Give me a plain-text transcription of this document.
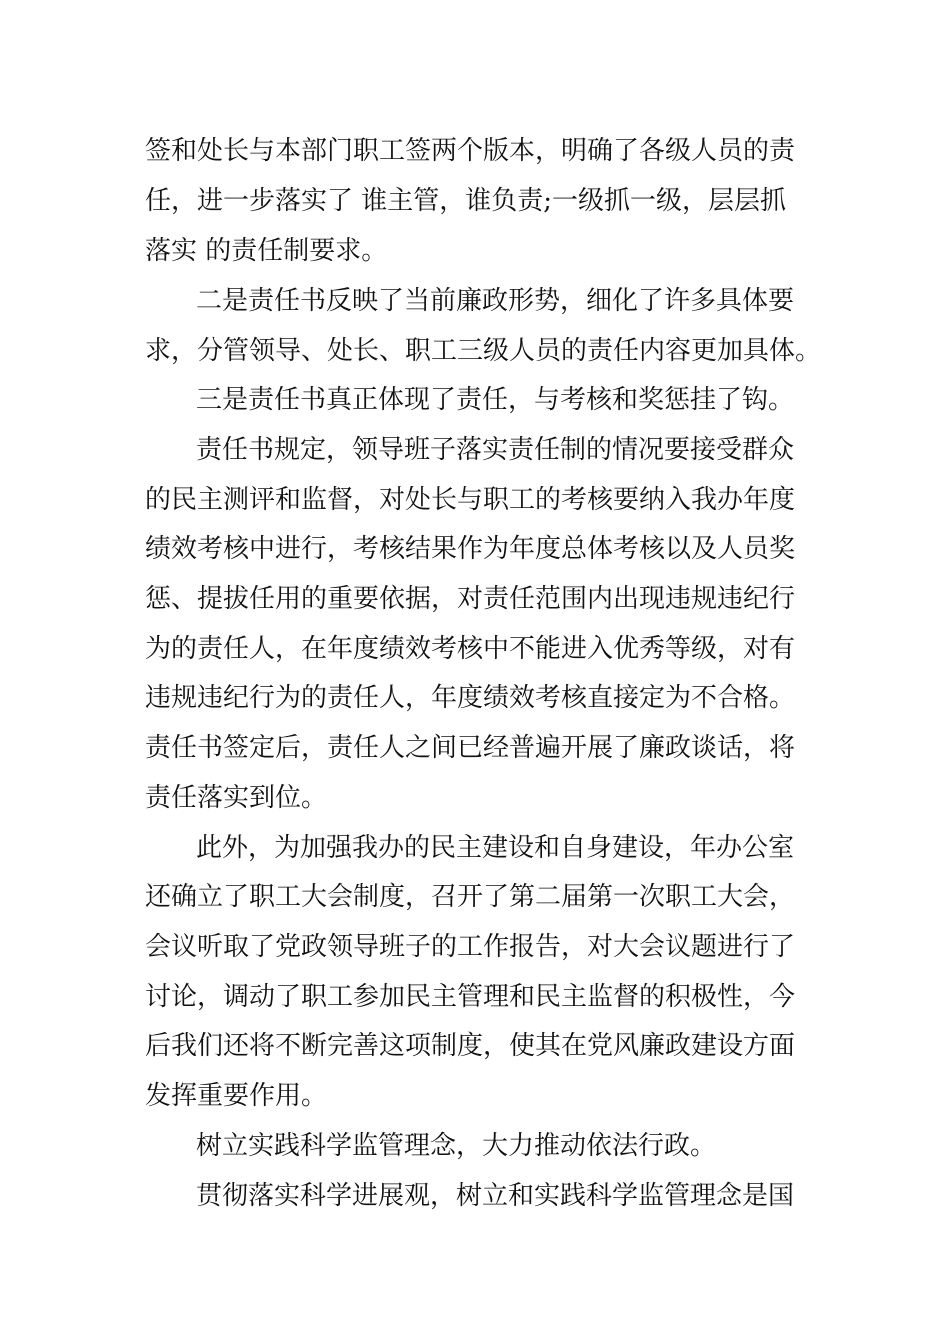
签和处长与本部门职工签两个版本，明确了各级人员的责
任，进一步落实了 谁主管，谁负责;一级抓一级，层层抓
落实 的责任制要求。
二是责任书反映了当前廉政形势，细化了许多具体要
求，分管领导、处长、职工三级人员的责任内容更加具体。
三是责任书真正体现了责任，与考核和奖惩挂了钩。
责任书规定，领导班子落实责任制的情况要接受群众
的民主测评和监督，对处长与职工的考核要纳入我办年度
绩效考核中进行，考核结果作为年度总体考核以及人员奖
惩、提拔任用的重要依据，对责任范围内出现违规违纪行
为的责任人，在年度绩效考核中不能进入优秀等级，对有
违规违纪行为的责任人，年度绩效考核直接定为不合格。
责任书签定后，责任人之间已经普遍开展了廉政谈话，将
责任落实到位。
此外，为加强我办的民主建设和自身建设，年办公室
还确立了职工大会制度，召开了第二届第一次职工大会，
会议听取了党政领导班子的工作报告，对大会议题进行了
讨论，调动了职工参加民主管理和民主监督的积极性，今
后我们还将不断完善这项制度，使其在党风廉政建设方面
发挥重要作用。
树立实践科学监管理念，大力推动依法行政。
贯彻落实科学进展观，树立和实践科学监管理念是国
